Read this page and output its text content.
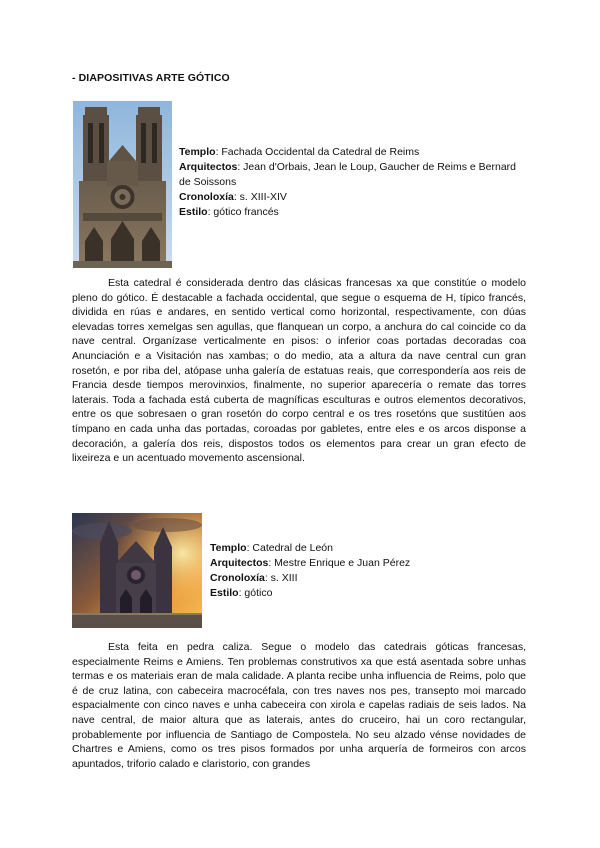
- DIAPOSITIVAS ARTE GÓTICO
Templo: Fachada Occidental da Catedral de Reims
Arquitectos: Jean d'Orbais, Jean le Loup, Gaucher de Reims e Bernard de Soissons
Cronoloxía: s. XIII-XIV
Estilo: gótico francés

Esta catedral é considerada dentro das clásicas francesas xa que constitúe o modelo pleno do gótico. É destacable a fachada occidental, que segue o esquema de H, típico francés, dividida en rúas e andares, en sentido vertical como horizontal, respectivamente, con dúas elevadas torres xemelgas sen agullas, que flanquean un corpo, a anchura do cal coincide co da nave central. Organízase verticalmente en pisos: o inferior coas portadas decoradas coa Anunciación e a Visitación nas xambas; o do medio, ata a altura da nave central cun gran rosetón, e por riba del, atópase unha galería de estatuas reais, que correspondería aos reis de Francia desde tiempos merovinxios, finalmente, no superior aparecería o remate das torres laterais. Toda a fachada está cuberta de magníficas esculturas e outros elementos decorativos, entre os que sobresaen o gran rosetón do corpo central e os tres rosetóns que sustitúen aos tímpano en cada unha das portadas, coroadas por gabletes, entre eles e os arcos disponse a decoración, a galería dos reis, dispostos todos os elementos para crear un gran efecto de lixeireza e un acentuado movemento ascensional.

Templo: Catedral de León
Arquitectos: Mestre Enrique e Juan Pérez
Cronoloxía: s. XIII
Estilo: gótico

Esta feita en pedra caliza. Segue o modelo das catedrais góticas francesas, especialmente Reims e Amiens. Ten problemas construtivos xa que está asentada sobre unhas termas e os materiais eran de mala calidade. A planta recibe unha influencia de Reims, polo que é de cruz latina, con cabeceira macrocéfala, con tres naves nos pes, transepto moi marcado espacialmente con cinco naves e unha cabeceira con xirola e capelas radiais de seis lados. Na nave central, de maior altura que as laterais, antes do cruceiro, hai un coro rectangular, probablemente por influencia de Santiago de Compostela. No seu alzado vénse novidades de Chartres e Amiens, como os tres pisos formados por unha arquería de formeiros con arcos apuntados, triforio calado e claristorio, con grandes
